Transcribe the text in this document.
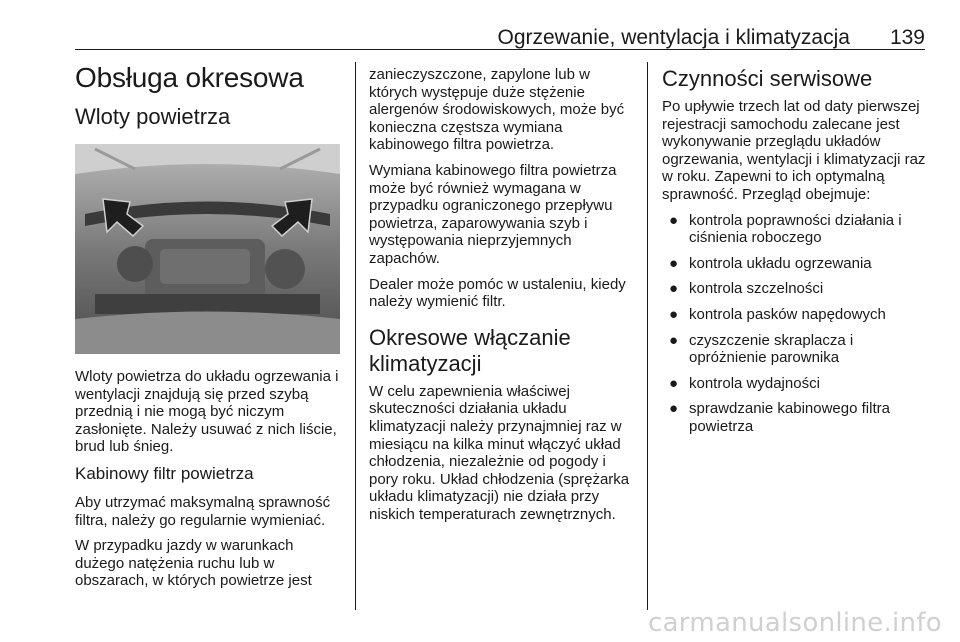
Ogrzewanie, wentylacja i klimatyzacja 139
Obsługa okresowa
Wloty powietrza

Wloty powietrza do układu ogrzewania i wentylacji znajdują się przed szybą przednią i nie mogą być niczym zasłonięte. Należy usuwać z nich liście, brud lub śnieg.

Kabinowy filtr powietrza

Aby utrzymać maksymalną sprawność filtra, należy go regularnie wymieniać.

W przypadku jazdy w warunkach dużego natężenia ruchu lub w obszarach, w których powietrze jest

zanieczyszczone, zapylone lub w których występuje duże stężenie alergenów środowiskowych, może być konieczna częstsza wymiana kabinowego filtra powietrza.

Wymiana kabinowego filtra powietrza może być również wymagana w przypadku ograniczonego przepływu powietrza, zaparowywania szyb i występowania nieprzyjemnych zapachów.

Dealer może pomóc w ustaleniu, kiedy należy wymienić filtr.

Okresowe włączanie klimatyzacji

W celu zapewnienia właściwej skuteczności działania układu klimatyzacji należy przynajmniej raz w miesiącu na kilka minut włączyć układ chłodzenia, niezależnie od pogody i pory roku. Układ chłodzenia (sprężarka układu klimatyzacji) nie działa przy niskich temperaturach zewnętrznych.

Czynności serwisowe

Po upływie trzech lat od daty pierwszej rejestracji samochodu zalecane jest wykonywanie przeglądu układów ogrzewania, wentylacji i klimatyzacji raz w roku. Zapewni to ich optymalną sprawność. Przegląd obejmuje:

● kontrola poprawności działania i ciśnienia roboczego
● kontrola układu ogrzewania
● kontrola szczelności
● kontrola pasków napędowych
● czyszczenie skraplacza i opróżnienie parownika
● kontrola wydajności
● sprawdzanie kabinowego filtra powietrza
carmanualsonline.info
